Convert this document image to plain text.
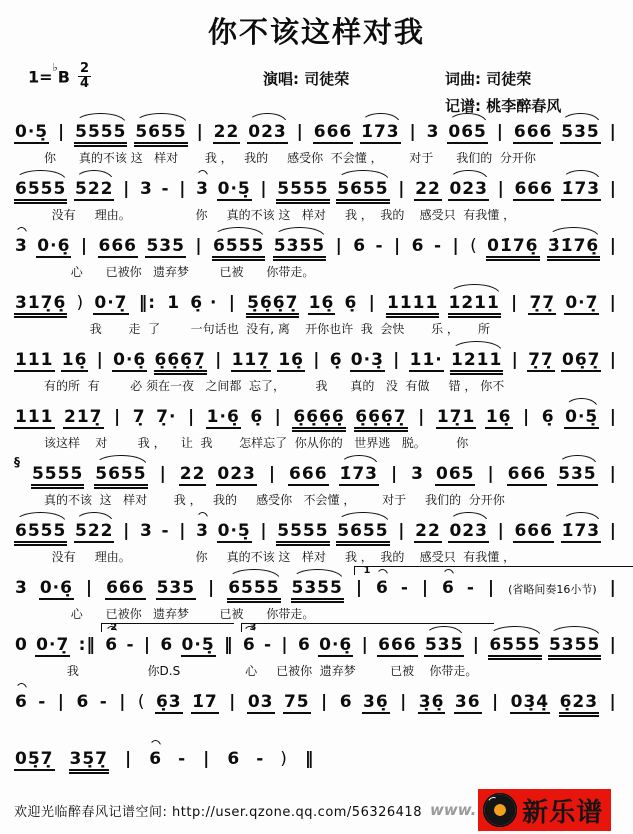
你不该这样对我
$1=^♭B \frac{2}{4}$	演唱: 司徒荣	词曲: 司徒荣
记谱: 桃李醉春风
0·5̣ | 5555 5655 | 22 023 | 666 1̇73 | 3 065 | 666 535 |
你      真的不该 这   样对       我 ，   我的     感受你  不会懂 ，       对于      我们的  分开你
6555 522 | 3 - | 3 0·5̣ | 5555 5655 | 22 023 | 666 1̇73 |
没有     理由。                 你     真的不该 这   样对     我 ，  我的    感受只  有我懂 ，
3 0·6̣ | 666 535 | 6555 5355 | 6 - | 6 - | ( 01̇76̣ 3̇1̇76̣ |
心      已被你   遗弃梦        已被      你带走。
317̣6̣ ) 0·7̣ ‖: 1 6̣ · | 5̣6̣6̣7̣ 16̣ 6̣ | 1111 1211 | 7̣7̣ 0·7̣ |
我       走  了        一句话也  没有, 离    开你也许  我  会快       乐 ，     所
111 16̣ | 0·6̣ 6̣6̣6̣7̣ | 117̣ 16̣ | 6̣ 0·3̣ | 11· 1211 | 7̣7̣ 06̣7̣ |
有的所  有        必 须在一夜   之间都  忘了，        我      真的   没  有做     错 ， 你不
111 217̣ | 7̣ 7̣· | 1·6̣ 6̣ | 6̣6̣6̣6̣ 6̣6̣6̣7̣ | 17̣1 16̣ | 6̣ 0·5̣ |
该这样    对        我 ，    让  我       怎样忘了  你从你的   世界逃   脱。        你
§
5555 5655 | 22 023 | 666 1̇73 | 3 065 | 666 535 |
真的不该  这   样对       我 ，   我的     感受你   不会懂 ，       对于     我们的  分开你
6555 522 | 3 - | 3 0·5̣ | 5555 5655 | 22 023 | 666 1̇73 |
没有     理由。                 你     真的不该 这   样对     我 ，  我的    感受只  有我懂 ，
1
3 0·6̣ | 666 535 | 6555 5355 | 6 - | 6 - | (省略间奏16小节) |
心      已被你   遗弃梦        已被      你带走。
2	3
0 0·7̣ :‖ 6 - | 6 0·5̣ ‖ 6 - | 6 0·6̣ | 666 535 | 6555 5355 |
我                  你D.S                 心     已被你  遗弃梦         已被    你带走。
6 - | 6 - | ( 6̣3 1̇7 | 03 75 | 6 36̣ | 3̣6̣ 36 | 03̣4̣ 6̣23 |
05̣7̣ 35̣7̣ | 6 - | 6 - ) ‖
欢迎光临醉春风记谱空间: http://user.qzone.qq.com/56326418 www. 新乐谱
